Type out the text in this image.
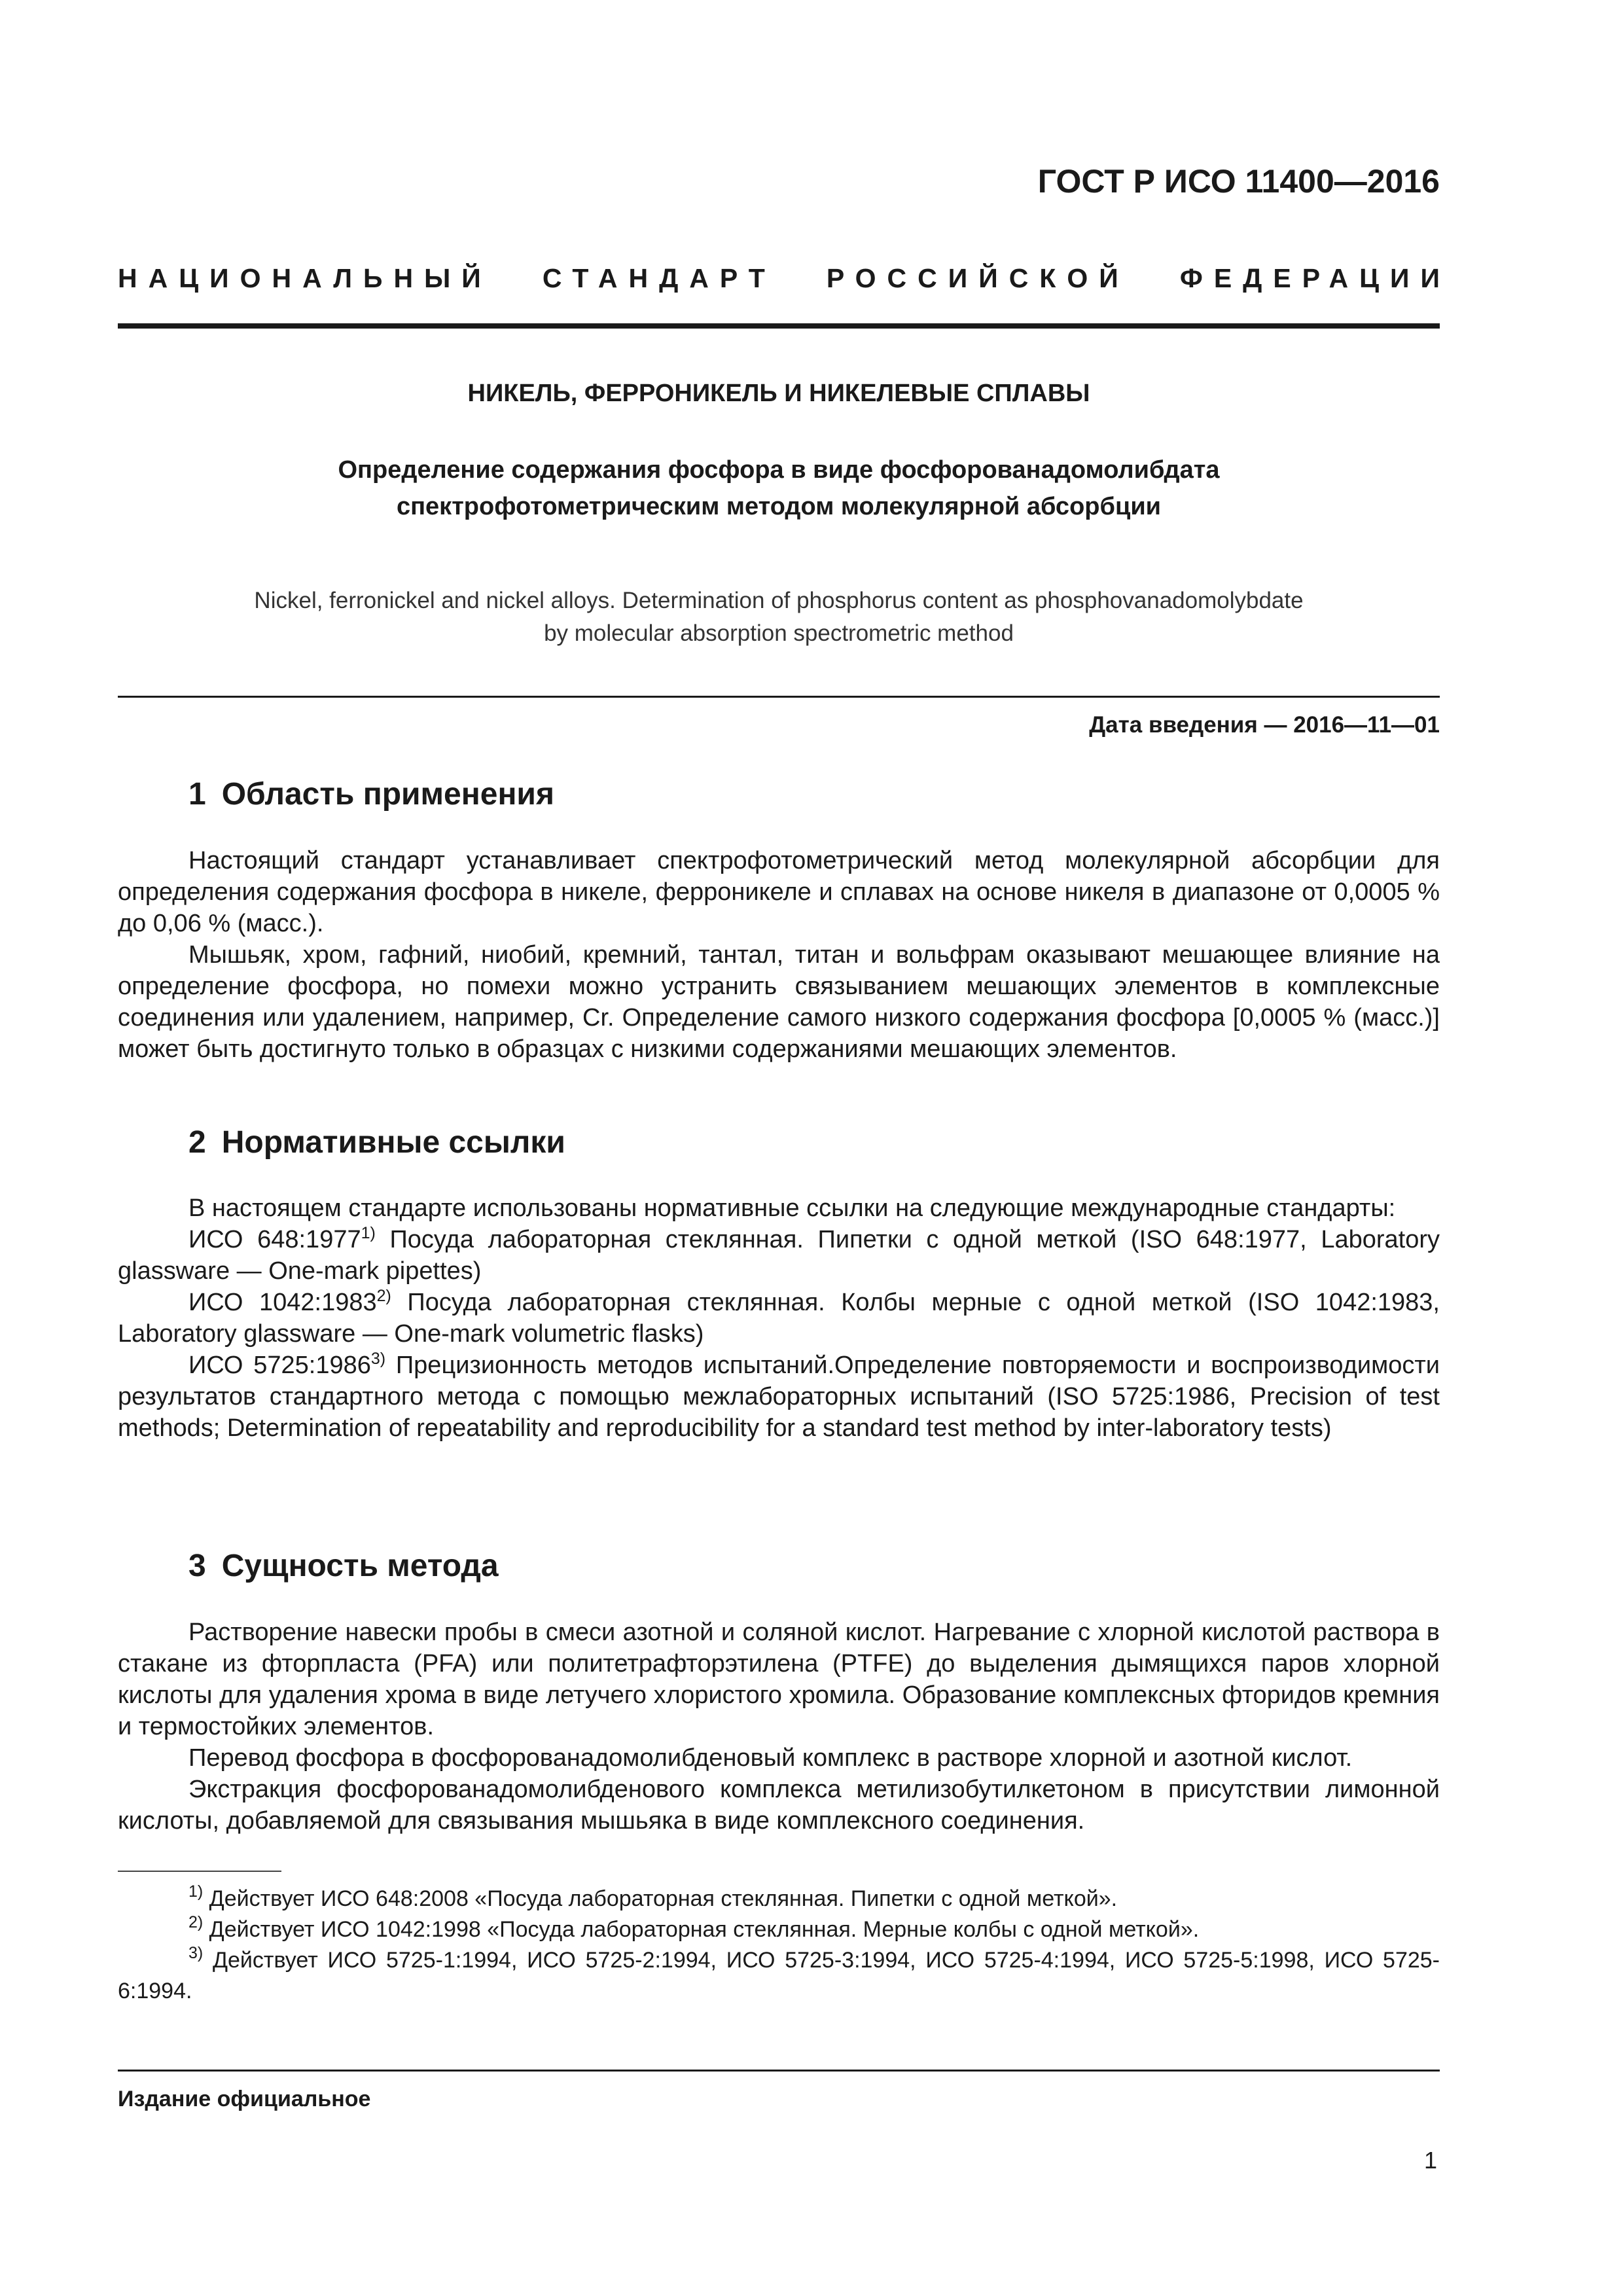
ГОСТ Р ИСО 11400—2016
НАЦИОНАЛЬНЫЙ СТАНДАРТ РОССИЙСКОЙ ФЕДЕРАЦИИ
НИКЕЛЬ, ФЕРРОНИКЕЛЬ И НИКЕЛЕВЫЕ СПЛАВЫ
Определение содержания фосфора в виде фосфорованадомолибдата
спектрофотометрическим методом молекулярной абсорбции
Nickel, ferronickel and nickel alloys. Determination of phosphorus content as phosphovanadomolybdate
by molecular absorption spectrometric method
Дата введения — 2016—11—01
1 Область применения

Настоящий стандарт устанавливает спектрофотометрический метод молекулярной абсорбции для определения содержания фосфора в никеле, ферроникеле и сплавах на основе никеля в диапазоне от 0,0005 % до 0,06 % (масс.).

Мышьяк, хром, гафний, ниобий, кремний, тантал, титан и вольфрам оказывают мешающее влияние на определение фосфора, но помехи можно устранить связыванием мешающих элементов в комплексные соединения или удалением, например, Cr. Определение самого низкого содержания фосфора [0,0005 % (масс.)] может быть достигнуто только в образцах с низкими содержаниями мешающих элементов.

2 Нормативные ссылки

В настоящем стандарте использованы нормативные ссылки на следующие международные стандарты:

ИСО 648:1977$^{1)}$ Посуда лабораторная стеклянная. Пипетки с одной меткой (ISO 648:1977, Laboratory glassware — One-mark pipettes)

ИСО 1042:1983$^{2)}$ Посуда лабораторная стеклянная. Колбы мерные с одной меткой (ISO 1042:1983, Laboratory glassware — One-mark volumetric flasks)

ИСО 5725:1986$^{3)}$ Прецизионность методов испытаний.Определение повторяемости и воспроизводимости результатов стандартного метода с помощью межлабораторных испытаний (ISO 5725:1986, Precision of test methods; Determination of repeatability and reproducibility for a standard test method by inter-laboratory tests)

3 Сущность метода

Растворение навески пробы в смеси азотной и соляной кислот. Нагревание с хлорной кислотой раствора в стакане из фторпласта (PFA) или политетрафторэтилена (PTFE) до выделения дымящихся паров хлорной кислоты для удаления хрома в виде летучего хлористого хромила. Образование комплексных фторидов кремния и термостойких элементов.

Перевод фосфора в фосфорованадомолибденовый комплекс в растворе хлорной и азотной кислот.

Экстракция фосфорованадомолибденового комплекса метилизобутилкетоном в присутствии лимонной кислоты, добавляемой для связывания мышьяка в виде комплексного соединения.

$^{1)}$ Действует ИСО 648:2008 «Посуда лабораторная стеклянная. Пипетки с одной меткой».

$^{2)}$ Действует ИСО 1042:1998 «Посуда лабораторная стеклянная. Мерные колбы с одной меткой».

$^{3)}$ Действует ИСО 5725-1:1994, ИСО 5725-2:1994, ИСО 5725-3:1994, ИСО 5725-4:1994, ИСО 5725-5:1998, ИСО 5725-6:1994.

Издание официальное
1
